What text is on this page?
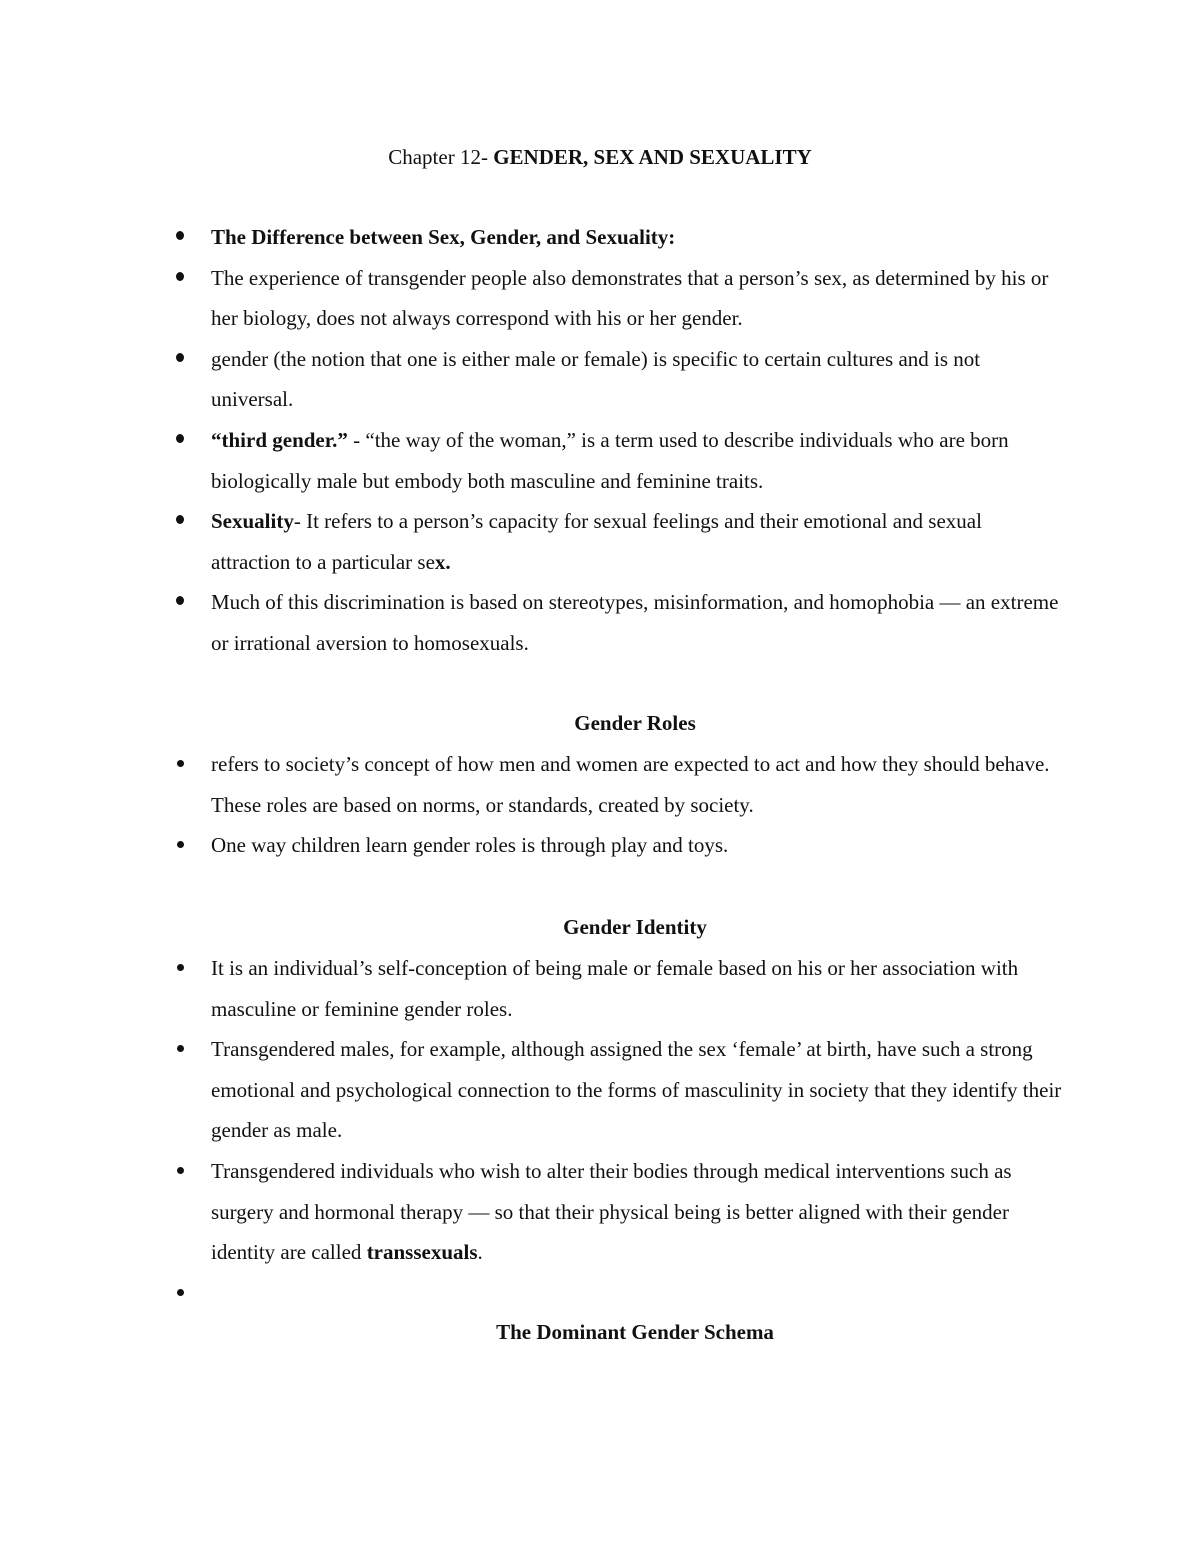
Chapter 12- GENDER, SEX AND SEXUALITY
The Difference between Sex, Gender, and Sexuality:
The experience of transgender people also demonstrates that a person’s sex, as determined by his or her biology, does not always correspond with his or her gender.
gender (the notion that one is either male or female) is specific to certain cultures and is not universal.
“third gender.” - “the way of the woman,” is a term used to describe individuals who are born biologically male but embody both masculine and feminine traits.
Sexuality- It refers to a person’s capacity for sexual feelings and their emotional and sexual attraction to a particular sex.
Much of this discrimination is based on stereotypes, misinformation, and homophobia — an extreme or irrational aversion to homosexuals.
Gender Roles
refers to society’s concept of how men and women are expected to act and how they should behave. These roles are based on norms, or standards, created by society.
One way children learn gender roles is through play and toys.
Gender Identity
It is an individual’s self-conception of being male or female based on his or her association with masculine or feminine gender roles.
Transgendered males, for example, although assigned the sex ‘female’ at birth, have such a strong emotional and psychological connection to the forms of masculinity in society that they identify their gender as male.
Transgendered individuals who wish to alter their bodies through medical interventions such as surgery and hormonal therapy — so that their physical being is better aligned with their gender identity are called transsexuals.
The Dominant Gender Schema
